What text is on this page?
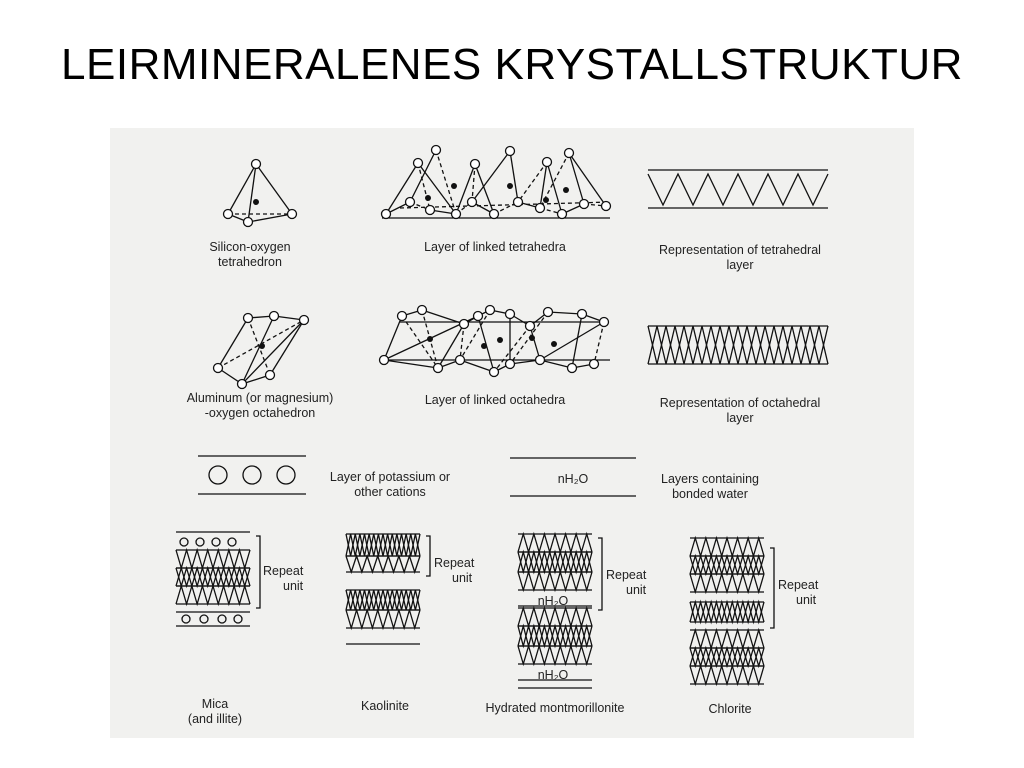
LEIRMINERALENES KRYSTALLSTRUKTUR
Silicon-oxygen
tetrahedron
Layer of linked tetrahedra	Representation of tetrahedral
layer
Aluminum (or magnesium)
-oxygen octahedron
Layer of linked octahedra	Representation of octahedral
layer
Layer of potassium or
other cations
nH₂O	Layers containing
bonded water
Repeat
unit
Repeat
unit	Repeat
unit	Repeat
unit
nH₂O
nH₂O
Mica
(and illite)
Kaolinite	Hydrated montmorillonite	Chlorite
